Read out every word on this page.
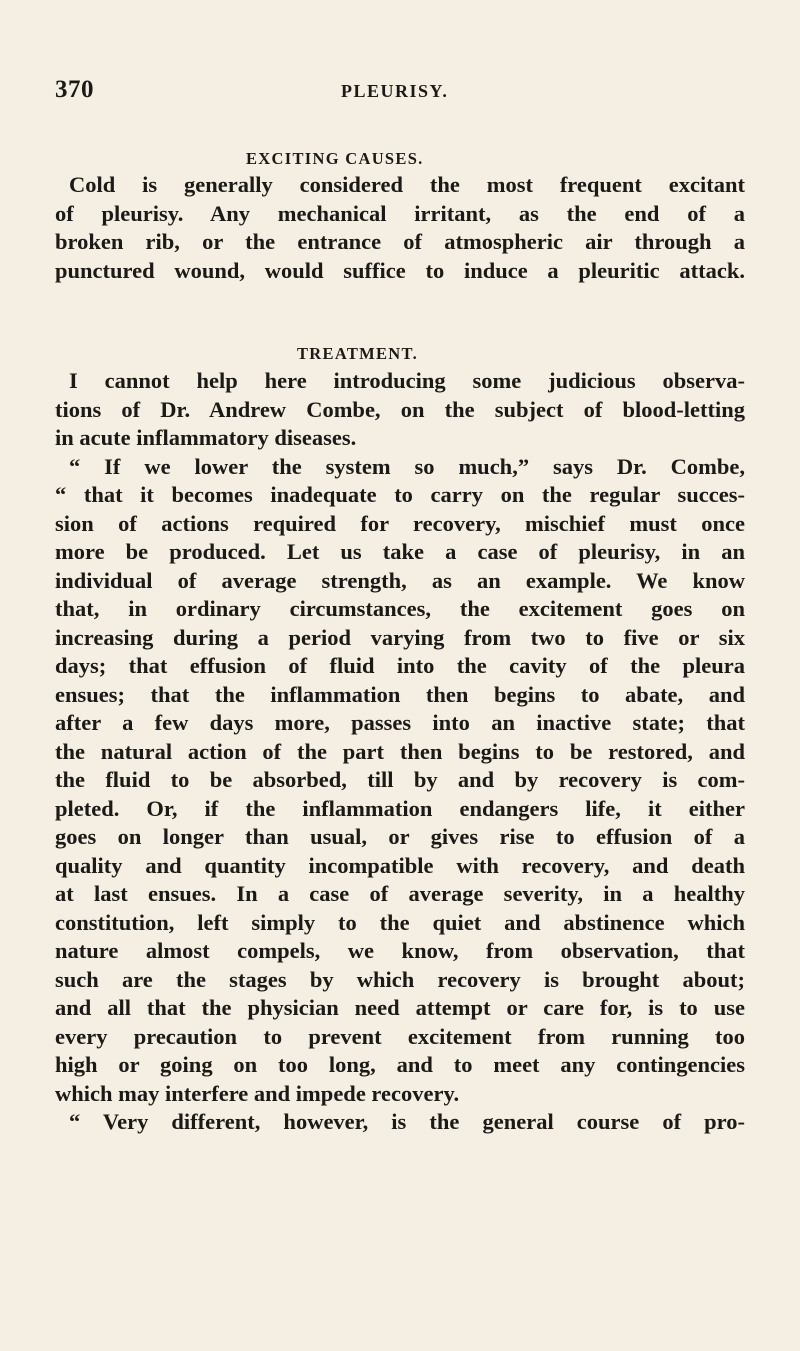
370	PLEURISY.
EXCITING CAUSES.
Cold is generally considered the most frequent excitant
of pleurisy. Any mechanical irritant, as the end of a
broken rib, or the entrance of atmospheric air through a
punctured wound, would suffice to induce a pleuritic attack.
TREATMENT.
I cannot help here introducing some judicious observa-
tions of Dr. Andrew Combe, on the subject of blood-letting
in acute inflammatory diseases.
“ If we lower the system so much,” says Dr. Combe,
“ that it becomes inadequate to carry on the regular succes-
sion of actions required for recovery, mischief must once
more be produced. Let us take a case of pleurisy, in an
individual of average strength, as an example. We know
that, in ordinary circumstances, the excitement goes on
increasing during a period varying from two to five or six
days; that effusion of fluid into the cavity of the pleura
ensues; that the inflammation then begins to abate, and
after a few days more, passes into an inactive state; that
the natural action of the part then begins to be restored, and
the fluid to be absorbed, till by and by recovery is com-
pleted. Or, if the inflammation endangers life, it either
goes on longer than usual, or gives rise to effusion of a
quality and quantity incompatible with recovery, and death
at last ensues. In a case of average severity, in a healthy
constitution, left simply to the quiet and abstinence which
nature almost compels, we know, from observation, that
such are the stages by which recovery is brought about;
and all that the physician need attempt or care for, is to use
every precaution to prevent excitement from running too
high or going on too long, and to meet any contingencies
which may interfere and impede recovery.
“ Very different, however, is the general course of pro-
